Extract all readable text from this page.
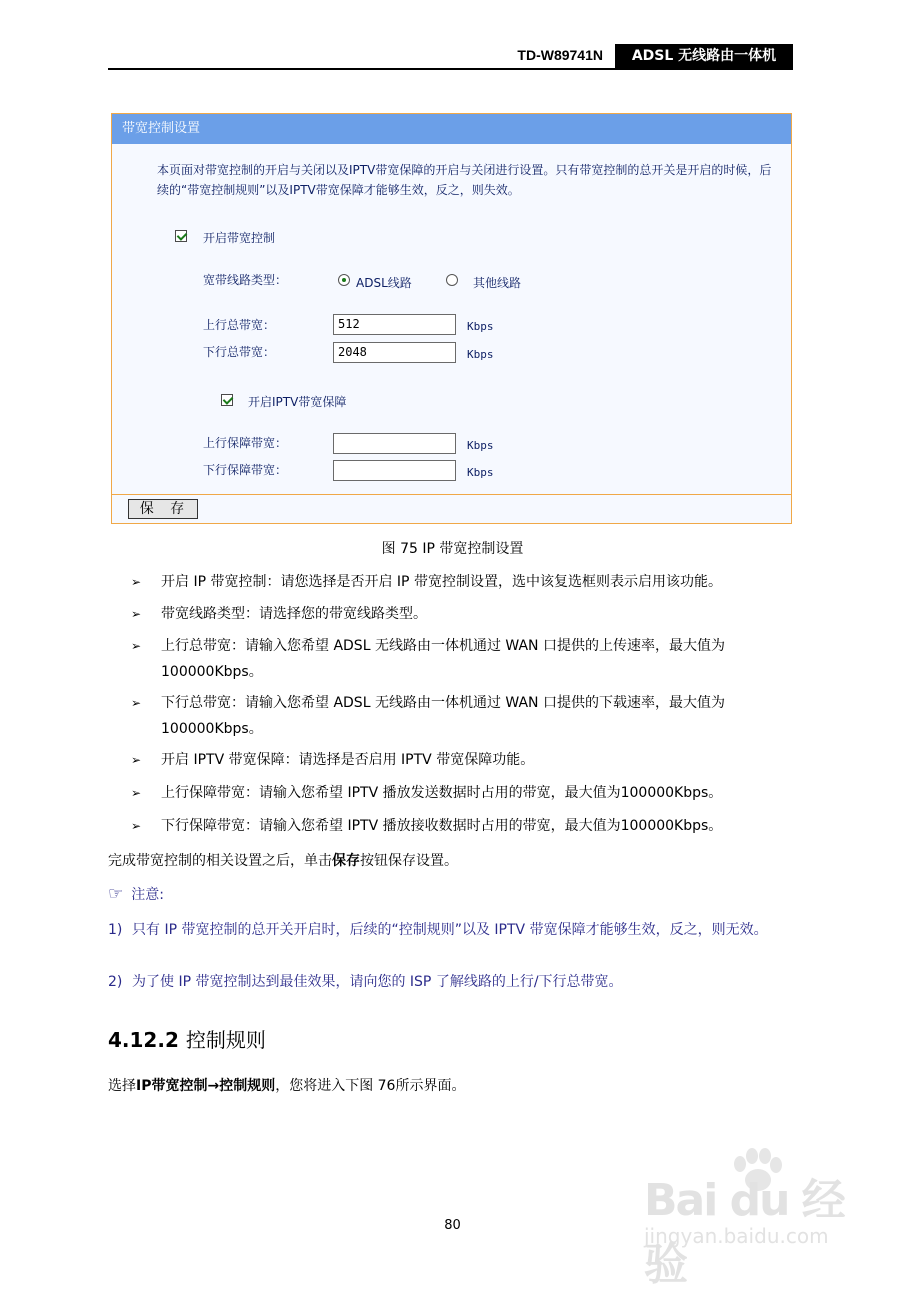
TD-W89741N	ADSL 无线路由一体机
带宽控制设置
本页面对带宽控制的开启与关闭以及IPTV带宽保障的开启与关闭进行设置。只有带宽控制的总开关是开启的时候，后续的“带宽控制规则”以及IPTV带宽保障才能够生效，反之，则失效。
开启带宽控制
宽带线路类型：	ADSL线路	其他线路
上行总带宽：	512	Kbps
下行总带宽：	2048	Kbps
开启IPTV带宽保障
上行保障带宽：	Kbps
下行保障带宽：	Kbps
保 存
图 75 IP 带宽控制设置
➢ 开启 IP 带宽控制：请您选择是否开启 IP 带宽控制设置，选中该复选框则表示启用该功能。
➢ 带宽线路类型：请选择您的带宽线路类型。
➢ 上行总带宽：请输入您希望 ADSL 无线路由一体机通过 WAN 口提供的上传速率，最大值为 100000Kbps。
➢ 下行总带宽：请输入您希望 ADSL 无线路由一体机通过 WAN 口提供的下载速率，最大值为 100000Kbps。
➢ 开启 IPTV 带宽保障：请选择是否启用 IPTV 带宽保障功能。
➢ 上行保障带宽：请输入您希望 IPTV 播放发送数据时占用的带宽，最大值为100000Kbps。
➢ 下行保障带宽：请输入您希望 IPTV 播放接收数据时占用的带宽，最大值为100000Kbps。
完成带宽控制的相关设置之后，单击保存按钮保存设置。
☞ 注意:
1) 只有 IP 带宽控制的总开关开启时，后续的“控制规则”以及 IPTV 带宽保障才能够生效，反之，则无效。
2) 为了使 IP 带宽控制达到最佳效果，请向您的 ISP 了解线路的上行/下行总带宽。
4.12.2 控制规则
选择IP带宽控制→控制规则，您将进入下图 76所示界面。
80	Bai du 经验
jingyan.baidu.com
